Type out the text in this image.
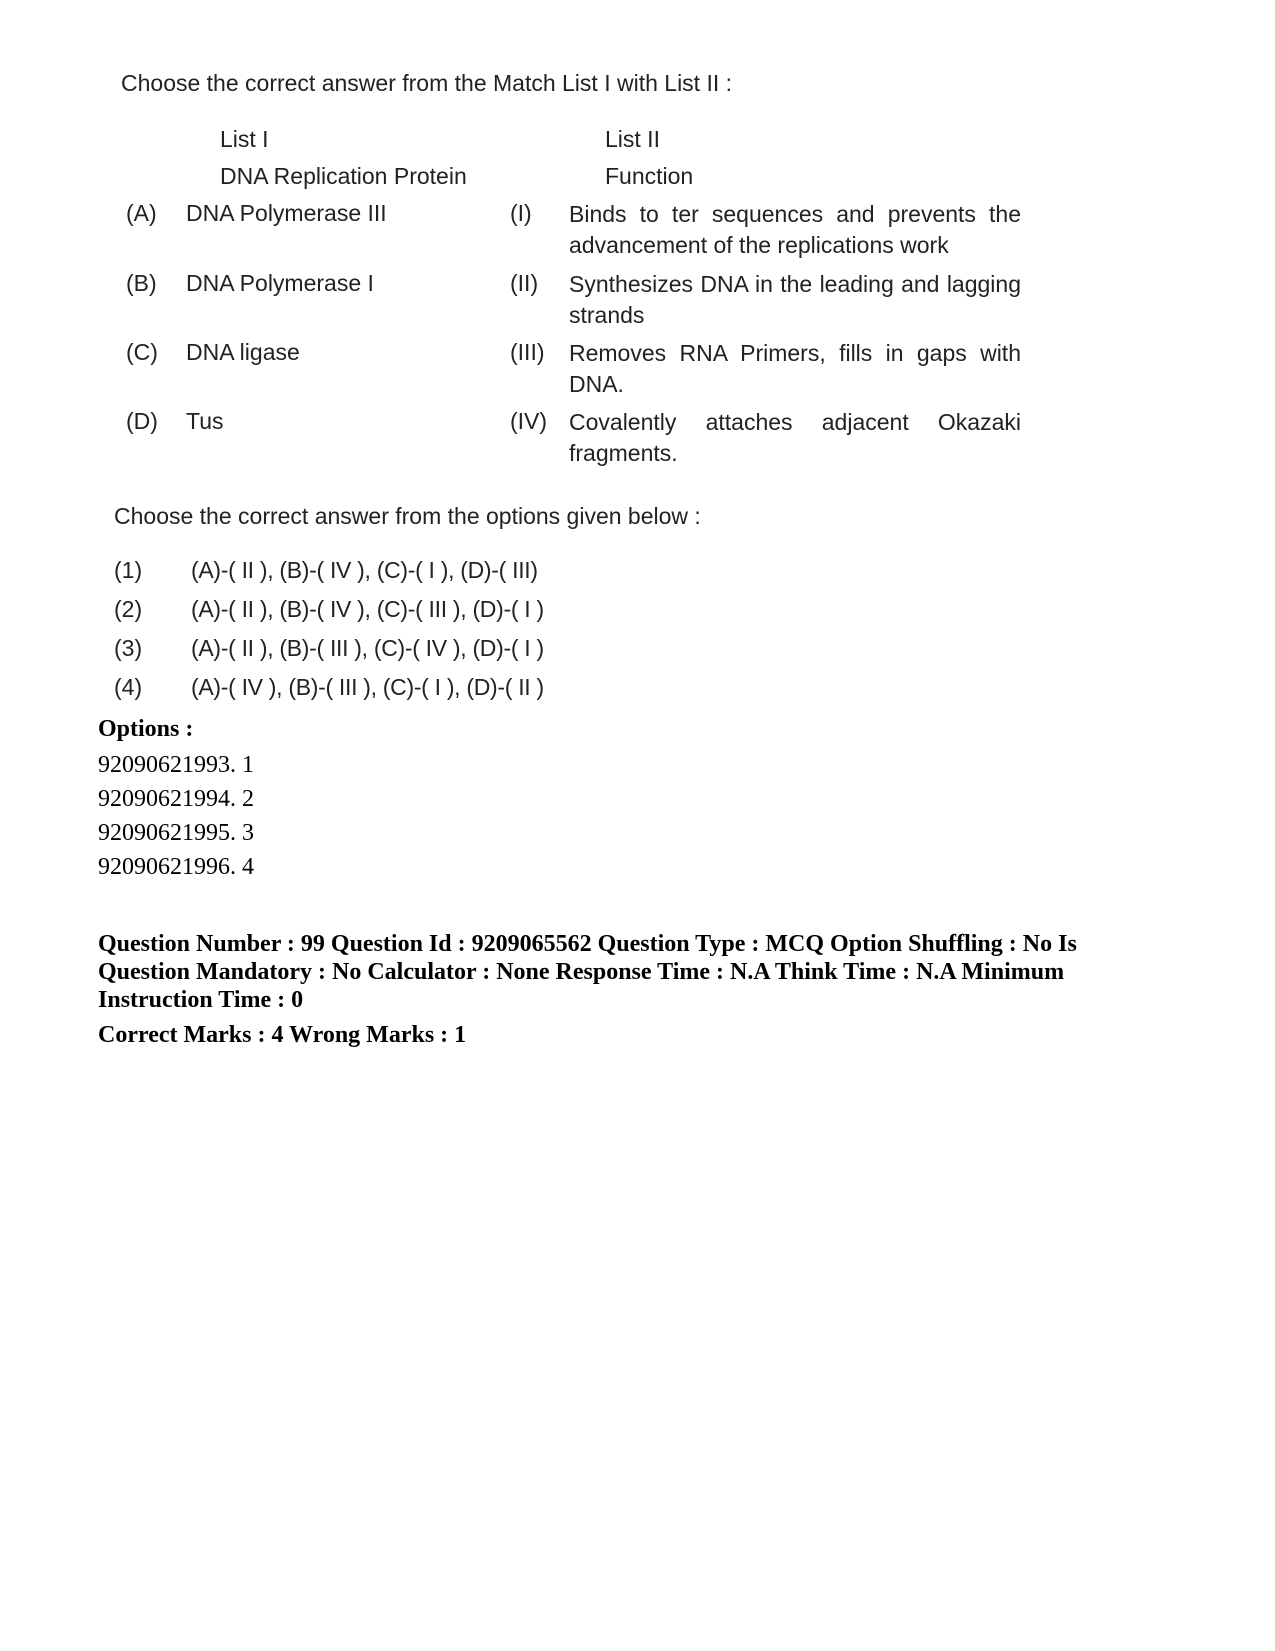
Choose the correct answer from the Match List I with List II :
List I
DNA Replication Protein
List II
Function
(A) DNA Polymerase III	(I) Binds to ter sequences and prevents the
advancement of the replications work
(B) DNA Polymerase I	(II) Synthesizes DNA in the leading and lagging
strands
(C) DNA ligase	(III) Removes RNA Primers, fills in gaps with
DNA.
(D) Tus	(IV) Covalently attaches adjacent Okazaki
fragments.
Choose the correct answer from the options given below :
(1) (A)-( II ), (B)-( IV ), (C)-( I ), (D)-( III)
(2) (A)-( II ), (B)-( IV ), (C)-( III ), (D)-( I )
(3) (A)-( II ), (B)-( III ), (C)-( IV ), (D)-( I )
(4) (A)-( IV ), (B)-( III ), (C)-( I ), (D)-( II )
Options :
92090621993. 1
92090621994. 2
92090621995. 3
92090621996. 4
Question Number : 99 Question Id : 9209065562 Question Type : MCQ Option Shuffling : No Is Question Mandatory : No Calculator : None Response Time : N.A Think Time : N.A Minimum Instruction Time : 0
Correct Marks : 4 Wrong Marks : 1
